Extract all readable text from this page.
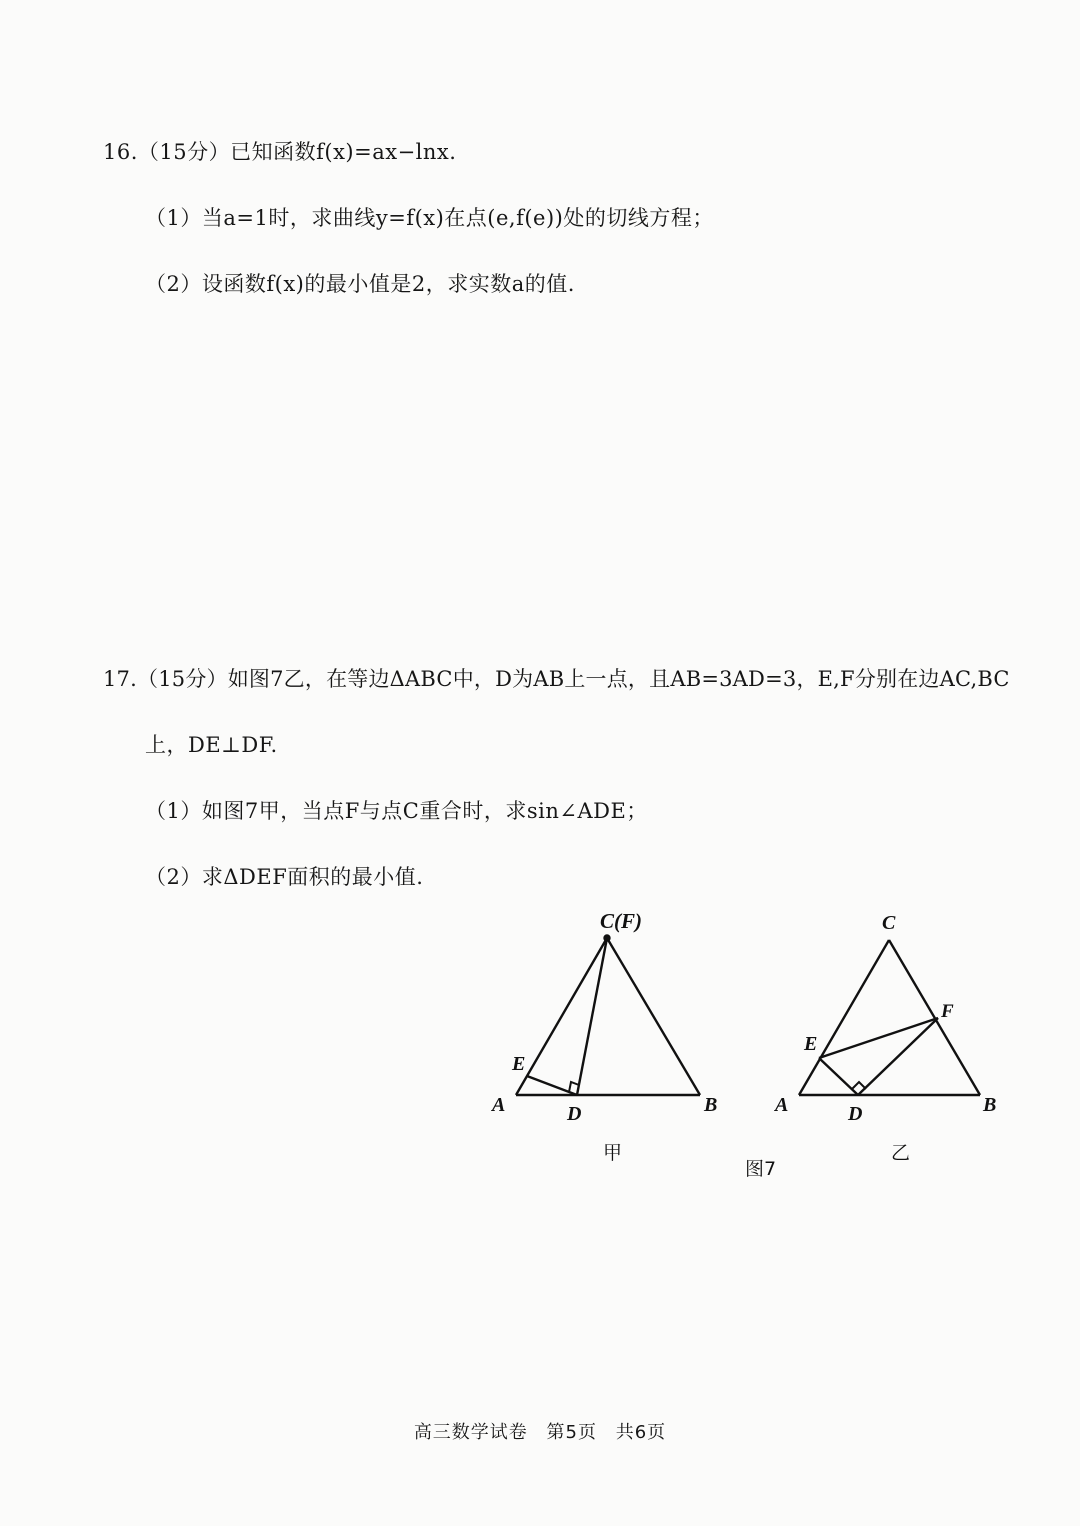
16.（15分）已知函数f(x)=ax−lnx.
（1）当a=1时，求曲线y=f(x)在点(e,f(e))处的切线方程；
（2）设函数f(x)的最小值是2，求实数a的值.
17.（15分）如图7乙，在等边ΔABC中，D为AB上一点，且AB=3AD=3，E,F分别在边AC,BC
上，DE⊥DF.
（1）如图7甲，当点F与点C重合时，求sin∠ADE；
（2）求ΔDEF面积的最小值.
C(F)
E
A	D	B
甲
C
F
E
A	D	B
乙
图7
高三数学试卷 第5页 共6页
